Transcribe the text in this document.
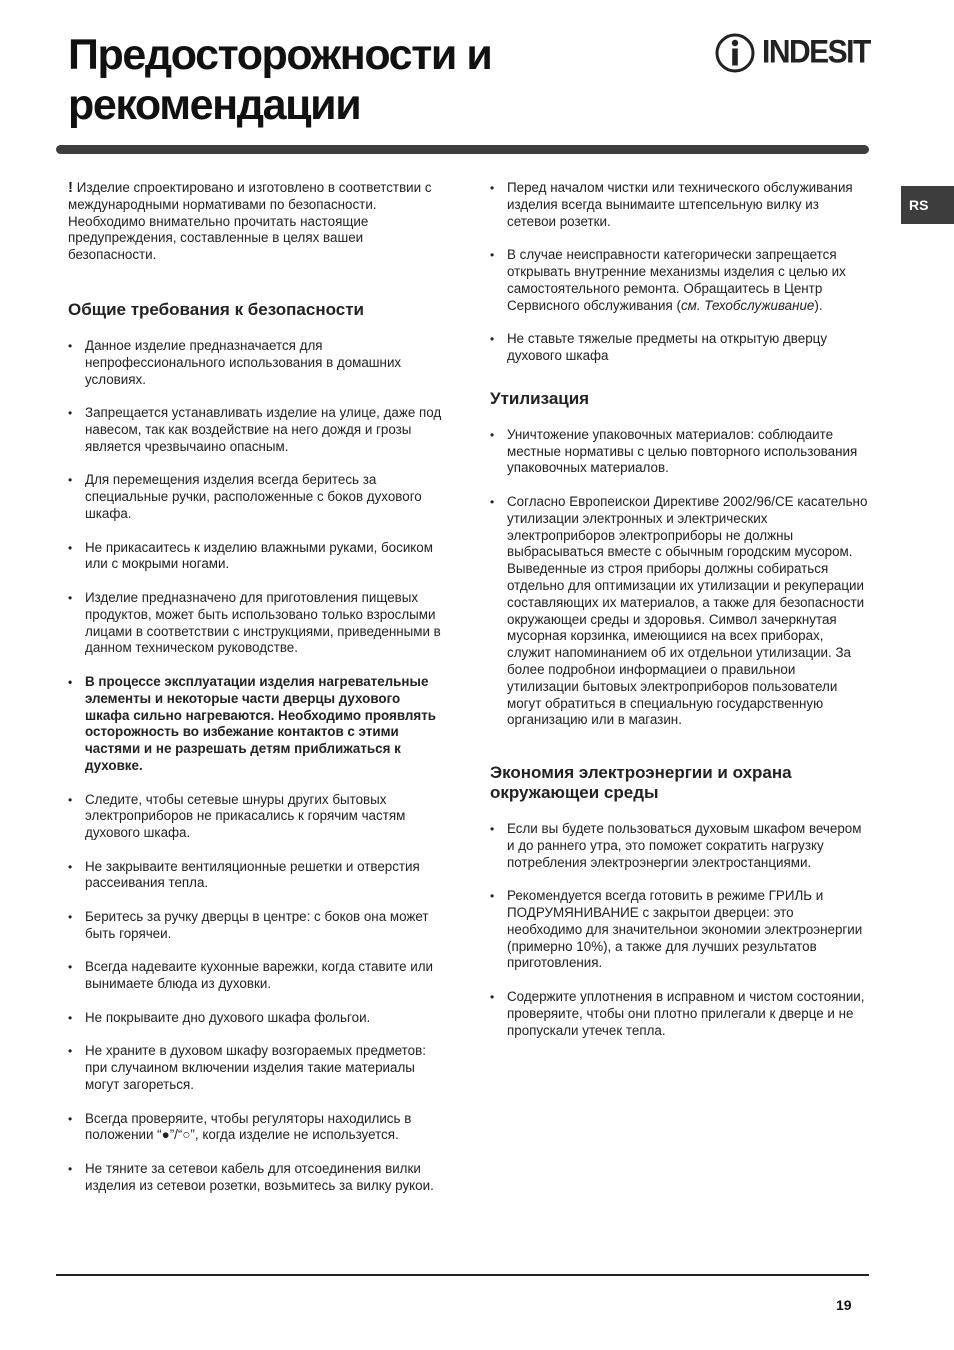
Предосторожности и
рекомендации
INDESIT
RS

! Изделие спроектировано и изготовлено в соответствии с международными нормативами по безопасности. Необходимо внимательно прочитать настоящие предупреждения, составленные в целях вашеи безопасности.

Общие требования к безопасности
• Данное изделие предназначается для непрофессионального использования в домашних условиях.
• Запрещается устанавливать изделие на улице, даже под навесом, так как воздействие на него дождя и грозы является чрезвычаино опасным.
• Для перемещения изделия всегда беритесь за специальные ручки, расположенные с боков духового шкафа.
• Не прикасаитесь к изделию влажными руками, босиком или с мокрыми ногами.
• Изделие предназначено для приготовления пищевых продуктов, может быть использовано только взрослыми лицами в соответствии с инструкциями, приведенными в данном техническом руководстве.
• В процессе эксплуатации изделия нагревательные элементы и некоторые части дверцы духового шкафа сильно нагреваются. Необходимо проявлять осторожность во избежание контактов с этими частями и не разрешать детям приближаться к духовке.
• Следите, чтобы сетевые шнуры других бытовых электроприборов не прикасались к горячим частям духового шкафа.
• Не закрываите вентиляционные решетки и отверстия рассеивания тепла.
• Беритесь за ручку дверцы в центре: с боков она может быть горячеи.
• Всегда надеваите кухонные варежки, когда ставите или вынимаете блюда из духовки.
• Не покрываите дно духового шкафа фольгои.
• Не храните в духовом шкафу возгораемых предметов: при случаином включении изделия такие материалы могут загореться.
• Всегда проверяите, чтобы регуляторы находились в положении “●”/“○”, когда изделие не используется.
• Не тяните за сетевои кабель для отсоединения вилки изделия из сетевои розетки, возьмитесь за вилку рукои.
• Перед началом чистки или технического обслуживания изделия всегда вынимаите штепсельную вилку из сетевои розетки.
• В случае неисправности категорически запрещается открывать внутренние механизмы изделия с целью их самостоятельного ремонта. Обращаитесь в Центр Сервисного обслуживания (см. Техобслуживание).
• Не ставьте тяжелые предметы на открытую дверцу духового шкафа
Утилизация
• Уничтожение упаковочных материалов: соблюдаите местные нормативы с целью повторного использования упаковочных материалов.
• Согласно Европеискои Директиве 2002/96/CE касательно утилизации электронных и электрических электроприборов электроприборы не должны выбрасываться вместе с обычным городским мусором. Выведенные из строя приборы должны собираться отдельно для оптимизации их утилизации и рекуперации составляющих их материалов, а также для безопасности окружающеи среды и здоровья. Символ зачеркнутая мусорная корзинка, имеющиися на всех приборах, служит напоминанием об их отдельнои утилизации. За более подробнои информациеи о правильнои утилизации бытовых электроприборов пользователи могут обратиться в специальную государственную организацию или в магазин.
Экономия электроэнергии и охрана
окружающеи среды
• Если вы будете пользоваться духовым шкафом вечером и до раннего утра, это поможет сократить нагрузку потребления электроэнергии электростанциями.
• Рекомендуется всегда готовить в режиме ГРИЛЬ и ПОДРУМЯНИВАНИЕ с закрытои дверцеи: это необходимо для значительнои экономии электроэнергии (примерно 10%), а также для лучших результатов приготовления.
• Содержите уплотнения в исправном и чистом состоянии, проверяите, чтобы они плотно прилегали к дверце и не пропускали утечек тепла.
19
